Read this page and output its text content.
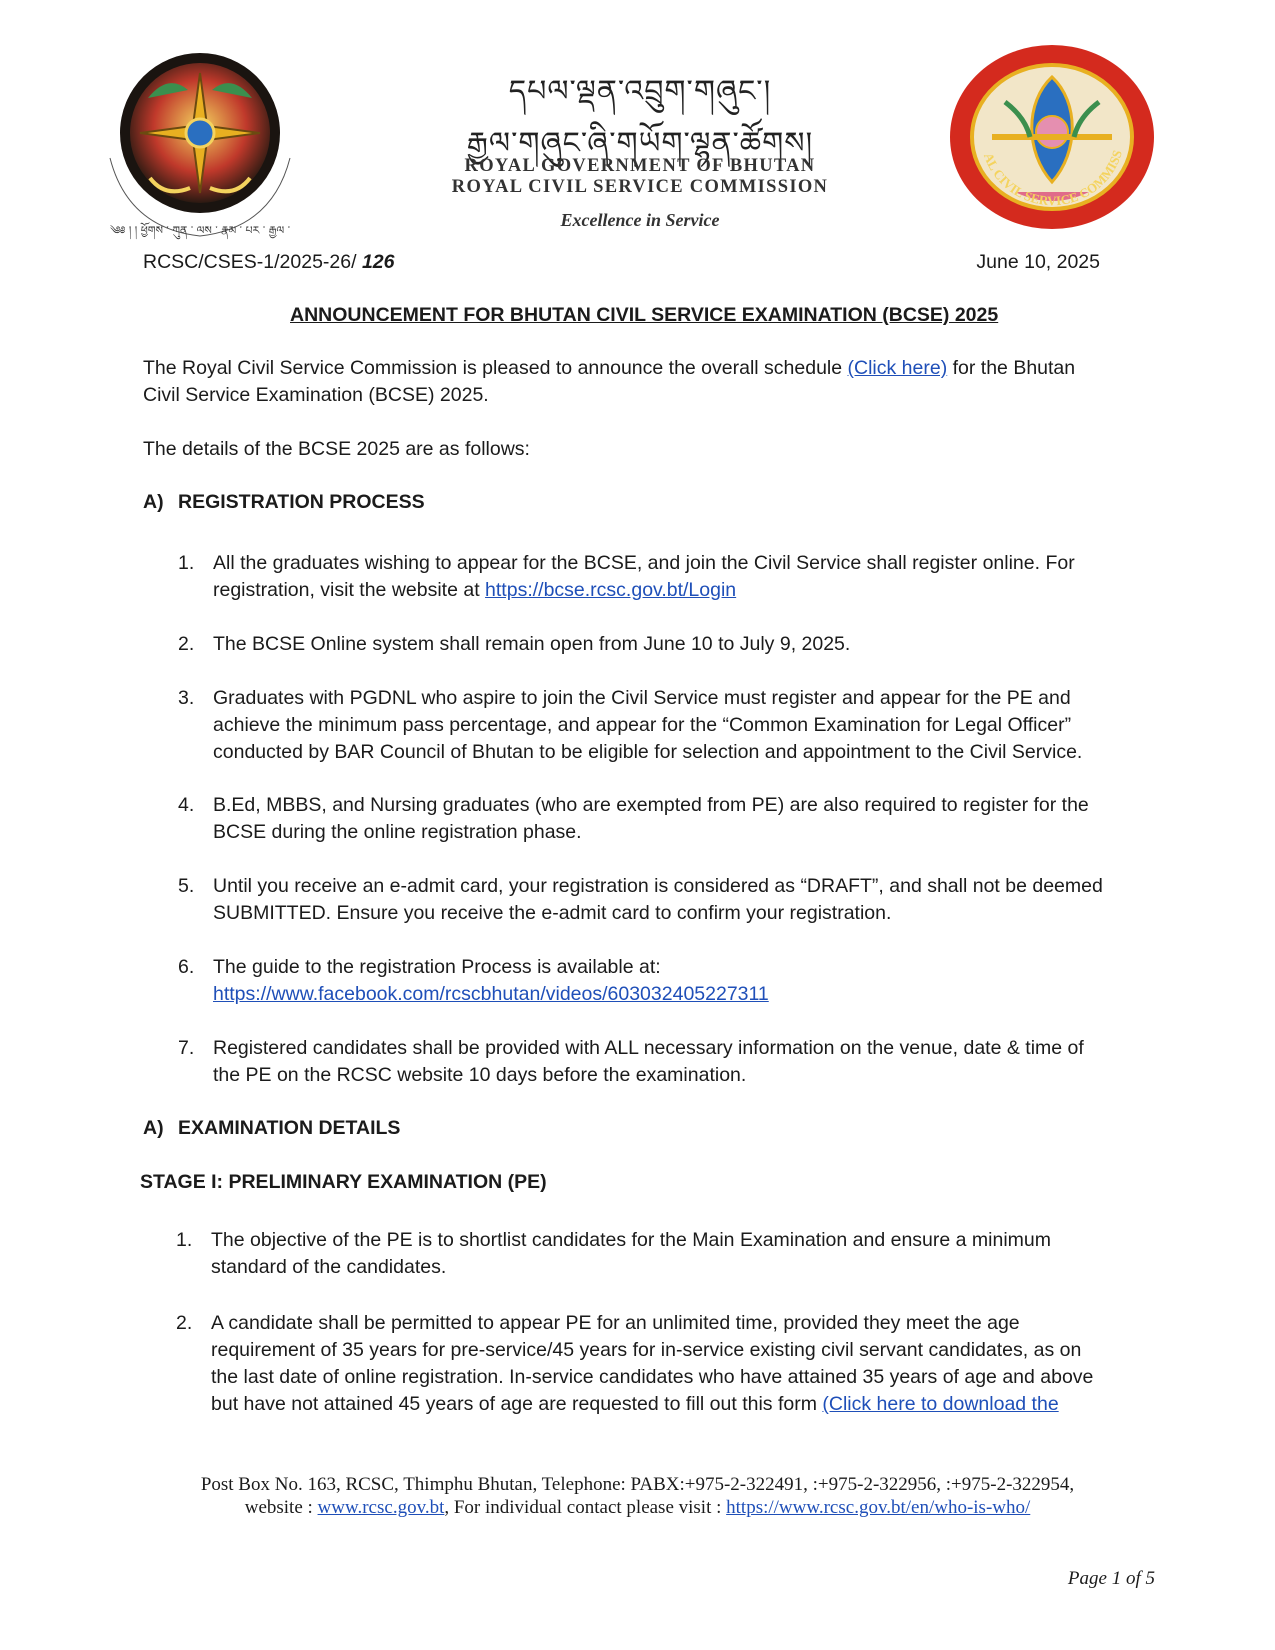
༄༅ ། ། ཕྱོགས ་ ཀུན ་ ལས ་ རྣམ ་ པར ་ རྒྱལ ་
དཔལ་ལྡན་འབྲུག་གཞུང་།
རྒྱལ་གཞུང་ཞི་གཡོག་ལྷན་ཚོགས།
ROYAL GOVERNMENT OF BHUTAN
ROYAL CIVIL SERVICE COMMISSION
Excellence in Service
AL CIVIL SERVICE COMMISS
RCSC/CSES-1/2025-26/ 126	June 10, 2025
ANNOUNCEMENT FOR BHUTAN CIVIL SERVICE EXAMINATION (BCSE) 2025
The Royal Civil Service Commission is pleased to announce the overall schedule (Click here) for the Bhutan
Civil Service Examination (BCSE) 2025.
The details of the BCSE 2025 are as follows:
A) REGISTRATION PROCESS
1. All the graduates wishing to appear for the BCSE, and join the Civil Service shall register online. For
registration, visit the website at https://bcse.rcsc.gov.bt/Login
2. The BCSE Online system shall remain open from June 10 to July 9, 2025.
3. Graduates with PGDNL who aspire to join the Civil Service must register and appear for the PE and
achieve the minimum pass percentage, and appear for the “Common Examination for Legal Officer”
conducted by BAR Council of Bhutan to be eligible for selection and appointment to the Civil Service.
4. B.Ed, MBBS, and Nursing graduates (who are exempted from PE) are also required to register for the
BCSE during the online registration phase.
5. Until you receive an e-admit card, your registration is considered as “DRAFT”, and shall not be deemed
SUBMITTED. Ensure you receive the e-admit card to confirm your registration.
6. The guide to the registration Process is available at:
https://www.facebook.com/rcscbhutan/videos/603032405227311
7. Registered candidates shall be provided with ALL necessary information on the venue, date & time of
the PE on the RCSC website 10 days before the examination.
A) EXAMINATION DETAILS
STAGE I: PRELIMINARY EXAMINATION (PE)
1. The objective of the PE is to shortlist candidates for the Main Examination and ensure a minimum
standard of the candidates.
2. A candidate shall be permitted to appear PE for an unlimited time, provided they meet the age
requirement of 35 years for pre-service/45 years for in-service existing civil servant candidates, as on
the last date of online registration. In-service candidates who have attained 35 years of age and above
but have not attained 45 years of age are requested to fill out this form (Click here to download the
Post Box No. 163, RCSC, Thimphu Bhutan, Telephone: PABX:+975-2-322491, :+975-2-322956, :+975-2-322954,
website : www.rcsc.gov.bt, For individual contact please visit : https://www.rcsc.gov.bt/en/who-is-who/
Page 1 of 5
